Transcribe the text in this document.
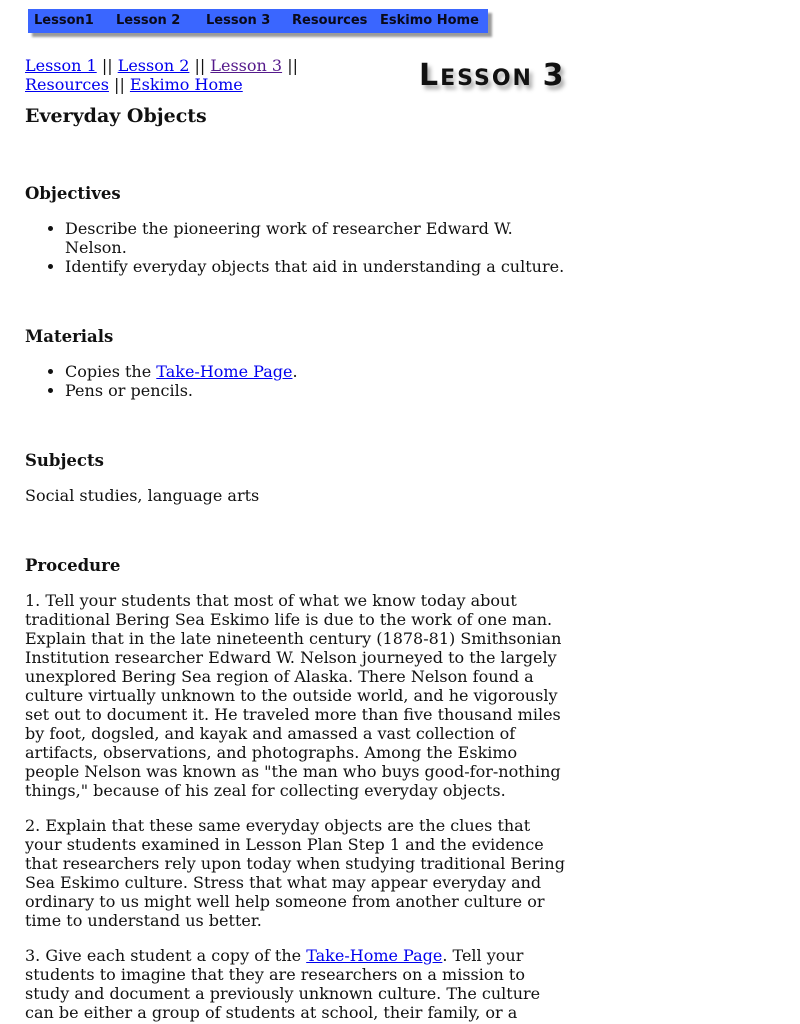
Lesson1 Lesson 2 Lesson 3 Resources Eskimo Home
LESSON 3

Lesson 1 || Lesson 2 || Lesson 3 ||
Resources || Eskimo Home

Everyday Objects
Objectives
• Describe the pioneering work of researcher Edward W. Nelson.
• Identify everyday objects that aid in understanding a culture.
Materials
• Copies the Take-Home Page.
• Pens or pencils.
Subjects

Social studies, language arts

Procedure

1. Tell your students that most of what we know today about traditional Bering Sea Eskimo life is due to the work of one man. Explain that in the late nineteenth century (1878-81) Smithsonian Institution researcher Edward W. Nelson journeyed to the largely unexplored Bering Sea region of Alaska. There Nelson found a culture virtually unknown to the outside world, and he vigorously set out to document it. He traveled more than five thousand miles by foot, dogsled, and kayak and amassed a vast collection of artifacts, observations, and photographs. Among the Eskimo people Nelson was known as "the man who buys good-for-nothing things," because of his zeal for collecting everyday objects.

2. Explain that these same everyday objects are the clues that your students examined in Lesson Plan Step 1 and the evidence that researchers rely upon today when studying traditional Bering Sea Eskimo culture. Stress that what may appear everyday and ordinary to us might well help someone from another culture or time to understand us better.

3. Give each student a copy of the Take-Home Page. Tell your students to imagine that they are researchers on a mission to study and document a previously unknown culture. The culture can be either a group of students at school, their family, or a
